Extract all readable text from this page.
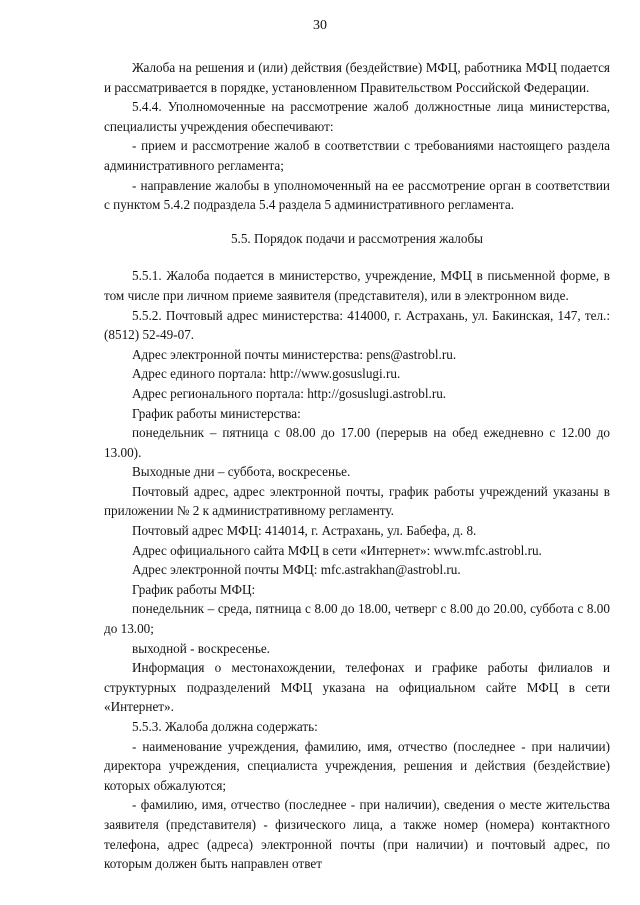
30

Жалоба на решения и (или) действия (бездействие) МФЦ, работника МФЦ подается и рассматривается в порядке, установленном Правительством Российской Федерации.

5.4.4. Уполномоченные на рассмотрение жалоб должностные лица министерства, специалисты учреждения обеспечивают:

- прием и рассмотрение жалоб в соответствии с требованиями настоящего раздела административного регламента;

- направление жалобы в уполномоченный на ее рассмотрение орган в соответствии с пунктом 5.4.2 подраздела 5.4 раздела 5 административного регламента.

5.5. Порядок подачи и рассмотрения жалобы

5.5.1. Жалоба подается в министерство, учреждение, МФЦ в письменной форме, в том числе при личном приеме заявителя (представителя), или в электронном виде.

5.5.2. Почтовый адрес министерства: 414000, г. Астрахань, ул. Бакинская, 147, тел.: (8512) 52-49-07.

Адрес электронной почты министерства: pens@astrobl.ru.

Адрес единого портала: http://www.gosuslugi.ru.

Адрес регионального портала: http://gosuslugi.astrobl.ru.

График работы министерства:

понедельник – пятница с 08.00 до 17.00 (перерыв на обед ежедневно с 12.00 до 13.00).

Выходные дни – суббота, воскресенье.

Почтовый адрес, адрес электронной почты, график работы учреждений указаны в приложении № 2 к административному регламенту.

Почтовый адрес МФЦ: 414014, г. Астрахань, ул. Бабефа, д. 8.

Адрес официального сайта МФЦ в сети «Интернет»: www.mfc.astrobl.ru.

Адрес электронной почты МФЦ: mfc.astrakhan@astrobl.ru.

График работы МФЦ:

понедельник – среда, пятница с 8.00 до 18.00, четверг с 8.00 до 20.00, суббота с 8.00 до 13.00;

выходной - воскресенье.

Информация о местонахождении, телефонах и графике работы филиалов и структурных подразделений МФЦ указана на официальном сайте МФЦ в сети «Интернет».

5.5.3. Жалоба должна содержать:

- наименование учреждения, фамилию, имя, отчество (последнее - при наличии) директора учреждения, специалиста учреждения, решения и действия (бездействие) которых обжалуются;

- фамилию, имя, отчество (последнее - при наличии), сведения о месте жительства заявителя (представителя) - физического лица, а также номер (номера) контактного телефона, адрес (адреса) электронной почты (при наличии) и почтовый адрес, по которым должен быть направлен ответ
